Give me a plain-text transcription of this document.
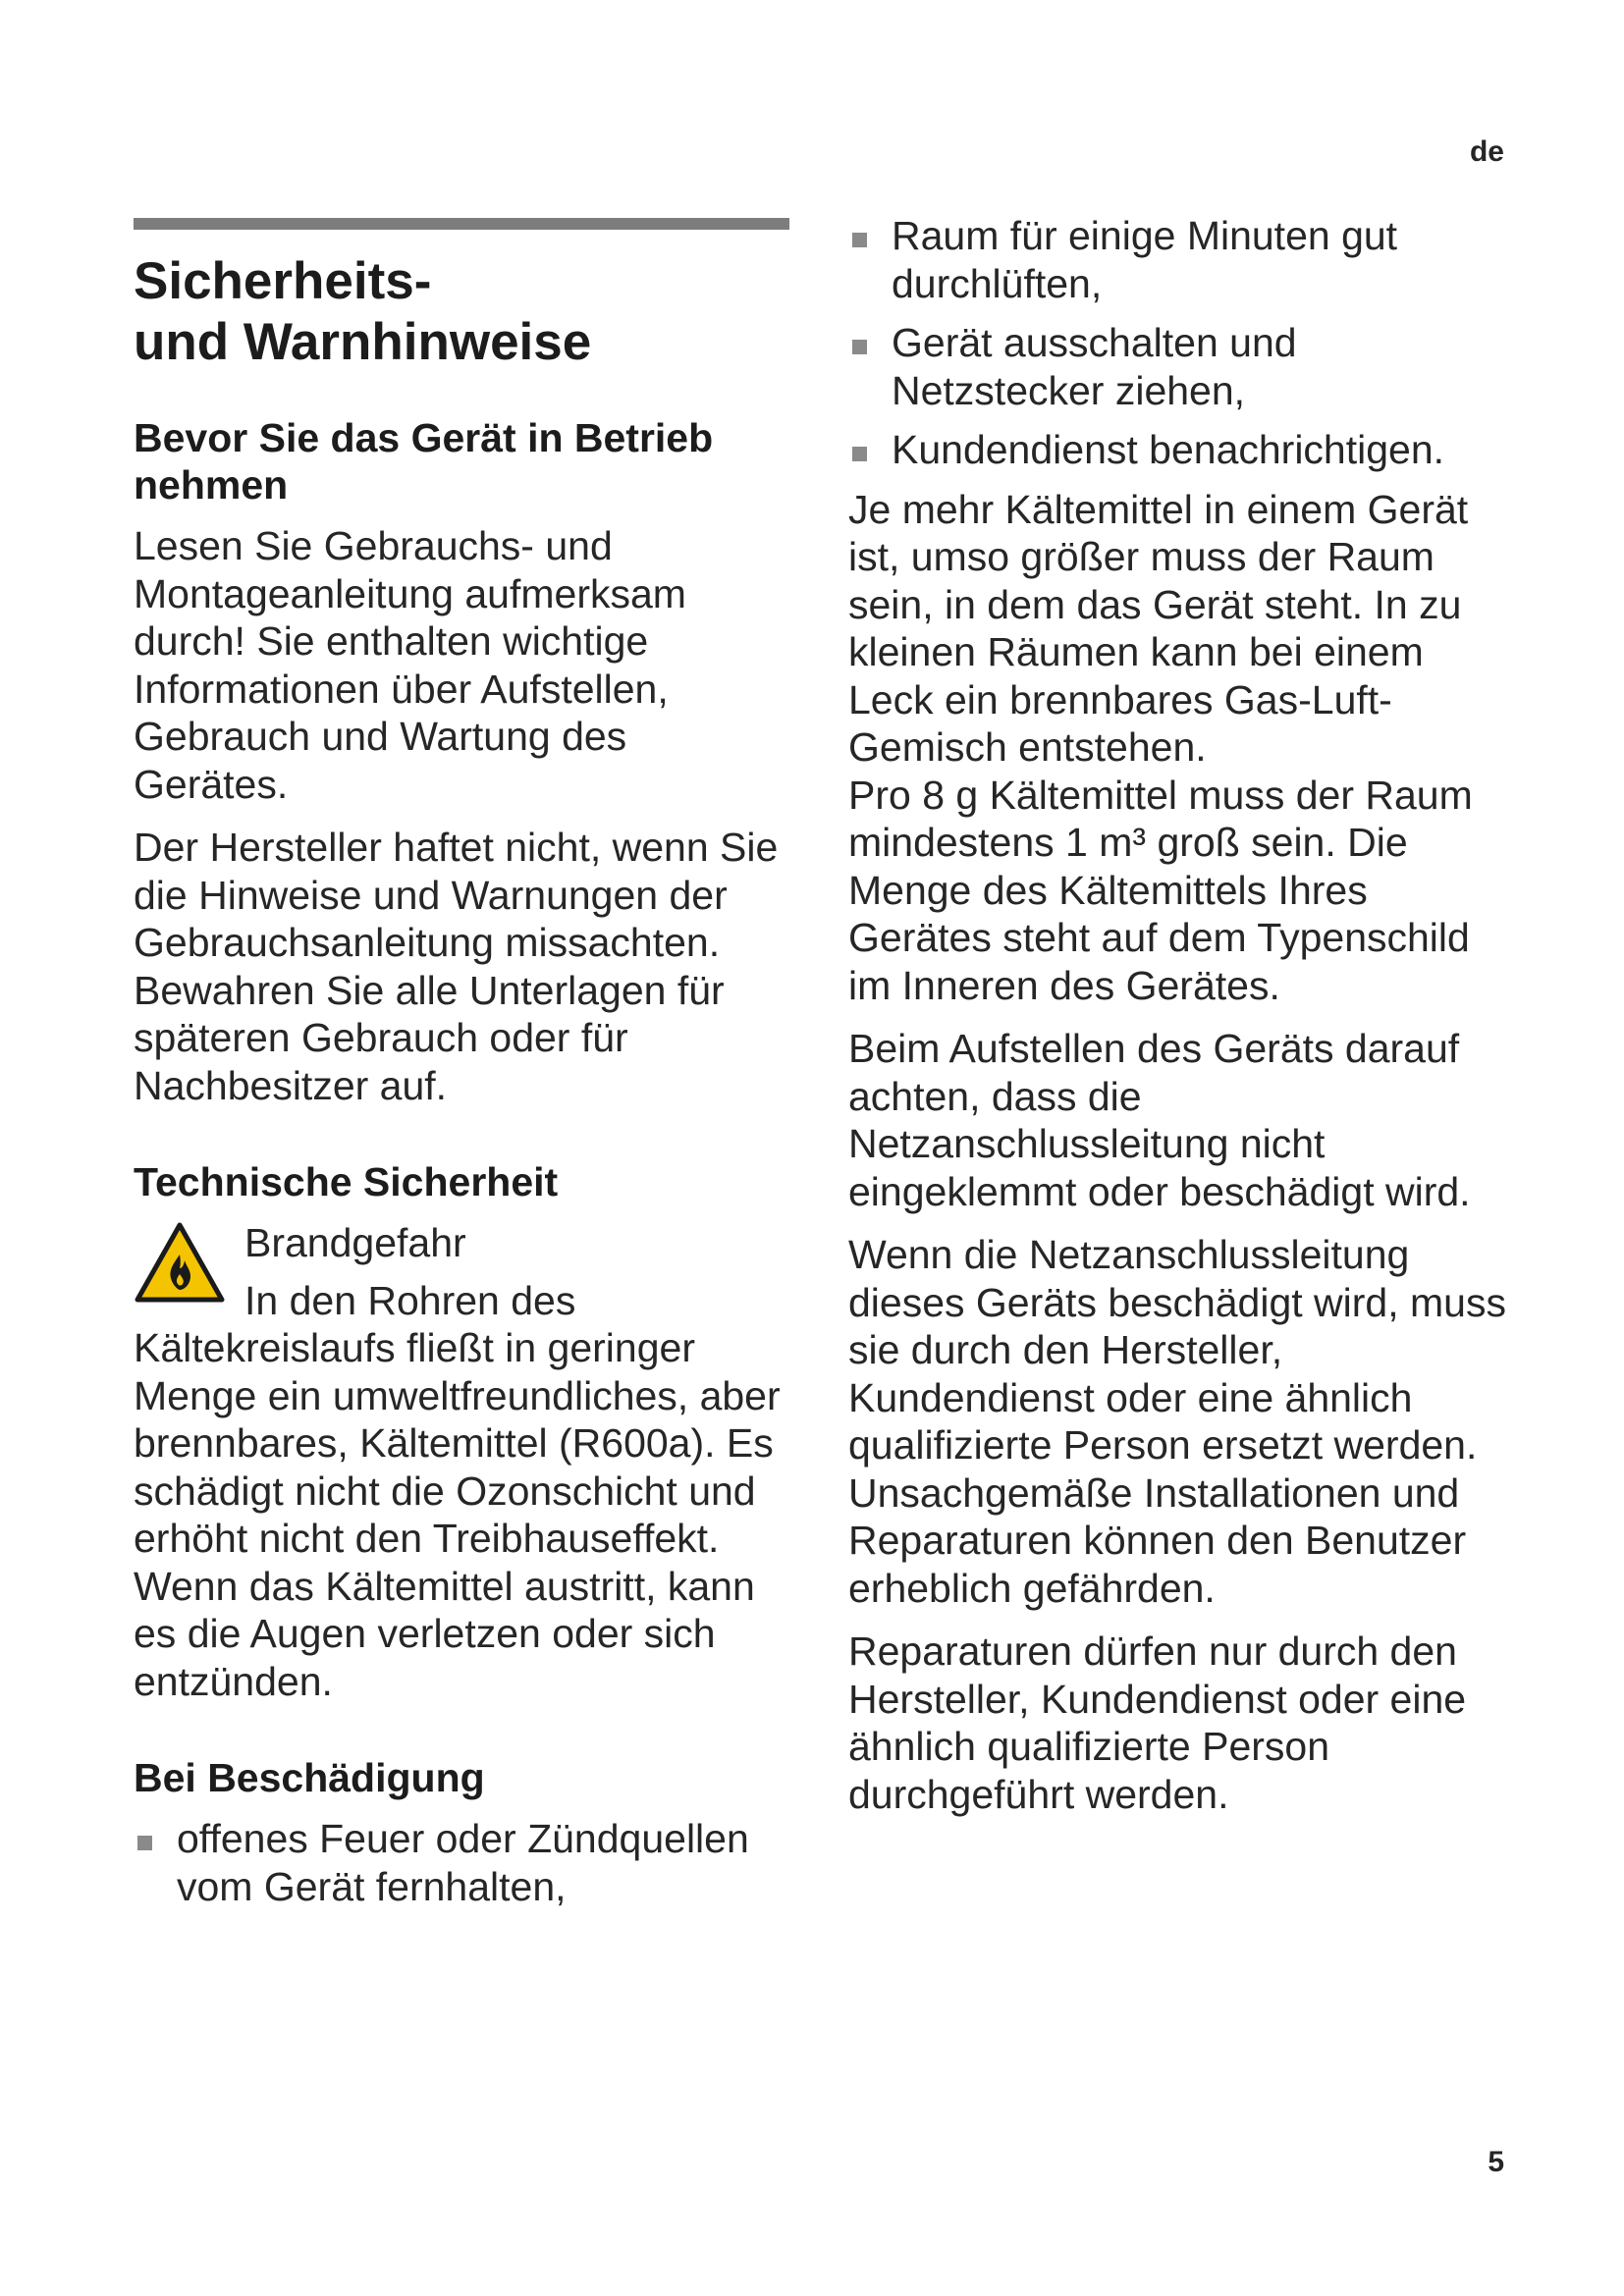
de
Sicherheits-
und Warnhinweise
Bevor Sie das Gerät in Betrieb nehmen

Lesen Sie Gebrauchs- und Montageanleitung aufmerksam durch! Sie enthalten wichtige Informationen über Aufstellen, Gebrauch und Wartung des Gerätes.

Der Hersteller haftet nicht, wenn Sie die Hinweise und Warnungen der Gebrauchsanleitung missachten. Bewahren Sie alle Unterlagen für späteren Gebrauch oder für Nachbesitzer auf.

Technische Sicherheit
Brandgefahr

In den Rohren des Kältekreislaufs fließt in geringer Menge ein umweltfreundliches, aber brennbares, Kältemittel (R600a). Es schädigt nicht die Ozonschicht und erhöht nicht den Treibhauseffekt. Wenn das Kältemittel austritt, kann es die Augen verletzen oder sich entzünden.

Bei Beschädigung
offenes Feuer oder Zündquellen vom Gerät fernhalten,
Raum für einige Minuten gut durchlüften,
Gerät ausschalten und Netzstecker ziehen,
Kundendienst benachrichtigen.

Je mehr Kältemittel in einem Gerät ist, umso größer muss der Raum sein, in dem das Gerät steht. In zu kleinen Räumen kann bei einem Leck ein brennbares Gas-Luft-Gemisch entstehen.

Pro 8 g Kältemittel muss der Raum mindestens 1 m³ groß sein. Die Menge des Kältemittels Ihres Gerätes steht auf dem Typenschild im Inneren des Gerätes.

Beim Aufstellen des Geräts darauf achten, dass die Netzanschlussleitung nicht eingeklemmt oder beschädigt wird.

Wenn die Netzanschlussleitung dieses Geräts beschädigt wird, muss sie durch den Hersteller, Kundendienst oder eine ähnlich qualifizierte Person ersetzt werden. Unsachgemäße Installationen und Reparaturen können den Benutzer erheblich gefährden.

Reparaturen dürfen nur durch den Hersteller, Kundendienst oder eine ähnlich qualifizierte Person durchgeführt werden.

5
